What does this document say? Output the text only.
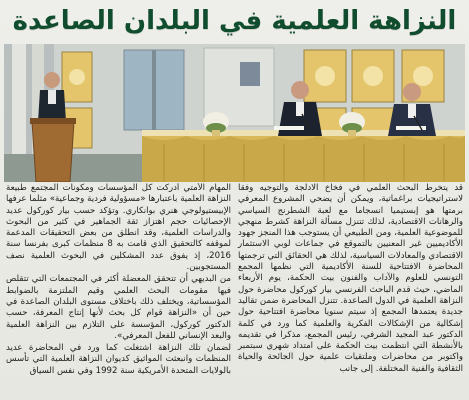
النزاهة العلمية في البلدان الصاعدة

قد يتخرط البحث العلمي في فخاخ الادلجة والتوجيه وفقا لاستراتيجيات براغماتية، ويمكن أن يضحي المشروع المعرفي برمتها هو إبستيميا انسجاما مع لعبة الشطرنج السياسي والرهانات الاقتصادية، لذلك تتنزل مسألة النزاهة كشرط منهجي للموضوعية العلمية، ومن الطبيعي أن يستوجب هذا المنجز جهود الأكاديميين غير المعنيين بالتموقع في جماعات لوبي الاستثمار الاقتصادي والمعادلات السياسية، لذلك هي الحقائق التي ترجمتها المحاضرة الافتتاحية للسنة الأكاديمية التي نظمها المجمع التونسي للعلوم والآداب والفنون بيت الحكمة، يوم الأربعاء الماضي، حيث قدم الباحث الفرنسي بيار كوركول محاضرة حول النزاهة العلمية في الدول الصاعدة. تتنزل المحاضرة ضمن تقاليد جديدة يعتمدها المجمع إذ سيتم سنويا محاضرة افتتاحية حول إشكالية من الإشكالات الفكرية والعلمية كما ورد في كلمة الدكتور عبد المجيد الشرفي، رئيس المجمع، مذكرا في تقديمه بالأنشطة التي انتظمت بيت الحكمة على امتداد شهري سبتمبر واكتوبر من محاضرات وملتقيات علمية حول الجائحة والحياة الثقافية والفنية المختلفة. إلى جانب

المهام الأمتي أدركت كل المؤسسات ومكونات المجتمع طبيعة النزاهة العلمية باعتبارها «مسؤولية فردية وجماعية» مثلما عرفها الإبيستيولوجي هنري بوانكاري. وتؤكد حسب بيار كوركول عديد الإحصائيات حجم اهتزاز ثقة الجماهير في كثير من البحوث والدراسات العلمية، وقد انطلق من بعض التحقيقات المدعمة لموقفه كالتحقيق الذي قامت به 8 منظمات كبرى بفرنسا سنة 2016، إذ يفوق عدد المشكلين في البحوث العلمية نصف المستجوبين.

من البديهي أن تتحقق المعضلة أكثر في المجتمعات التي تتقلص فيها مقومات البحث العلمي وقيم الملتزمة بالضوابط المؤسساتية، ويختلف ذلك باختلاف مستوى البلدان الصاعدة في حين أن «النزاهة قوام كل بحث لأنها إنتاج المعرفة، حسب الدكتور كوركول، المؤسسة على التلازم بين النزاهة العلمية والبعد الإنساني للفعل المعرفي».

لضمان تلك النزاهة اشتغلت كما ورد في المحاضرة عديد المنظمات وانبعثت المواثيق كديوان النزاهة العلمية التي تأسس بالولايات المتحدة الأمريكية سنة 1992 وفي نفس السياق
